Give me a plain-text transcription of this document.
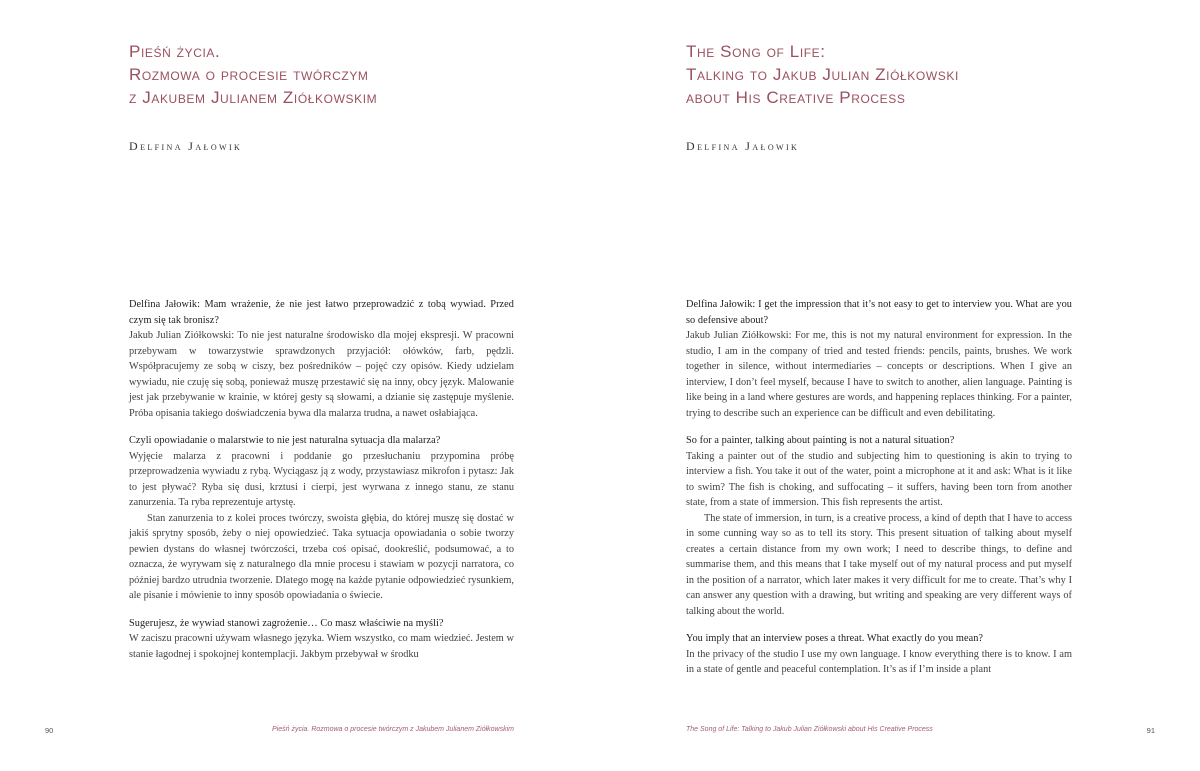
Pieśń życia.
Rozmowa o procesie twórczym
z Jakubem Julianem Ziółkowskim
Delfina Jałowik

Delfina Jałowik: Mam wrażenie, że nie jest łatwo przeprowadzić z tobą wywiad. Przed czym się tak bronisz?

Jakub Julian Ziółkowski: To nie jest naturalne środowisko dla mojej ekspresji. W pracowni przebywam w towarzystwie sprawdzonych przyjaciół: ołówków, farb, pędzli. Współpracujemy ze sobą w ciszy, bez pośredników – pojęć czy opisów. Kiedy udzielam wywiadu, nie czuję się sobą, ponieważ muszę przestawić się na inny, obcy język. Malowanie jest jak przebywanie w krainie, w której gesty są słowami, a dzianie się zastępuje myślenie. Próba opisania takiego doświadczenia bywa dla malarza trudna, a nawet osłabiająca.

Czyli opowiadanie o malarstwie to nie jest naturalna sytuacja dla malarza?

Wyjęcie malarza z pracowni i poddanie go przesłuchaniu przypomina próbę przeprowadzenia wywiadu z rybą. Wyciągasz ją z wody, przystawiasz mikrofon i pytasz: Jak to jest pływać? Ryba się dusi, krztusi i cierpi, jest wyrwana z innego stanu, ze stanu zanurzenia. Ta ryba reprezentuje artystę.

Stan zanurzenia to z kolei proces twórczy, swoista głębia, do której muszę się dostać w jakiś sprytny sposób, żeby o niej opowiedzieć. Taka sytuacja opowiadania o sobie tworzy pewien dystans do własnej twórczości, trzeba coś opisać, dookreślić, podsumować, a to oznacza, że wyrywam się z naturalnego dla mnie procesu i stawiam w pozycji narratora, co później bardzo utrudnia tworzenie. Dlatego mogę na każde pytanie odpowiedzieć rysunkiem, ale pisanie i mówienie to inny sposób opowiadania o świecie.

Sugerujesz, że wywiad stanowi zagrożenie… Co masz właściwie na myśli?

W zaciszu pracowni używam własnego języka. Wiem wszystko, co mam wiedzieć. Jestem w stanie łagodnej i spokojnej kontemplacji. Jakbym przebywał w środku

90	Pieśń życia. Rozmowa o procesie twórczym z Jakubem Julianem Ziółkowskim
The Song of Life:
Talking to Jakub Julian Ziółkowski
about His Creative Process
Delfina Jałowik

Delfina Jałowik: I get the impression that it’s not easy to get to interview you. What are you so defensive about?

Jakub Julian Ziółkowski: For me, this is not my natural environment for expression. In the studio, I am in the company of tried and tested friends: pencils, paints, brushes. We work together in silence, without intermediaries – concepts or descriptions. When I give an interview, I don’t feel myself, because I have to switch to another, alien language. Painting is like being in a land where gestures are words, and happening replaces thinking. For a painter, trying to describe such an experience can be difficult and even debilitating.

So for a painter, talking about painting is not a natural situation?

Taking a painter out of the studio and subjecting him to questioning is akin to trying to interview a fish. You take it out of the water, point a microphone at it and ask: What is it like to swim? The fish is choking, and suffocating – it suffers, having been torn from another state, from a state of immersion. This fish represents the artist.

The state of immersion, in turn, is a creative process, a kind of depth that I have to access in some cunning way so as to tell its story. This present situation of talking about myself creates a certain distance from my own work; I need to describe things, to define and summarise them, and this means that I take myself out of my natural process and put myself in the position of a narrator, which later makes it very difficult for me to create. That’s why I can answer any question with a drawing, but writing and speaking are very different ways of talking about the world.

You imply that an interview poses a threat. What exactly do you mean?

In the privacy of the studio I use my own language. I know everything there is to know. I am in a state of gentle and peaceful contemplation. It’s as if I’m inside a plant

The Song of Life: Talking to Jakub Julian Ziółkowski about His Creative Process	91
